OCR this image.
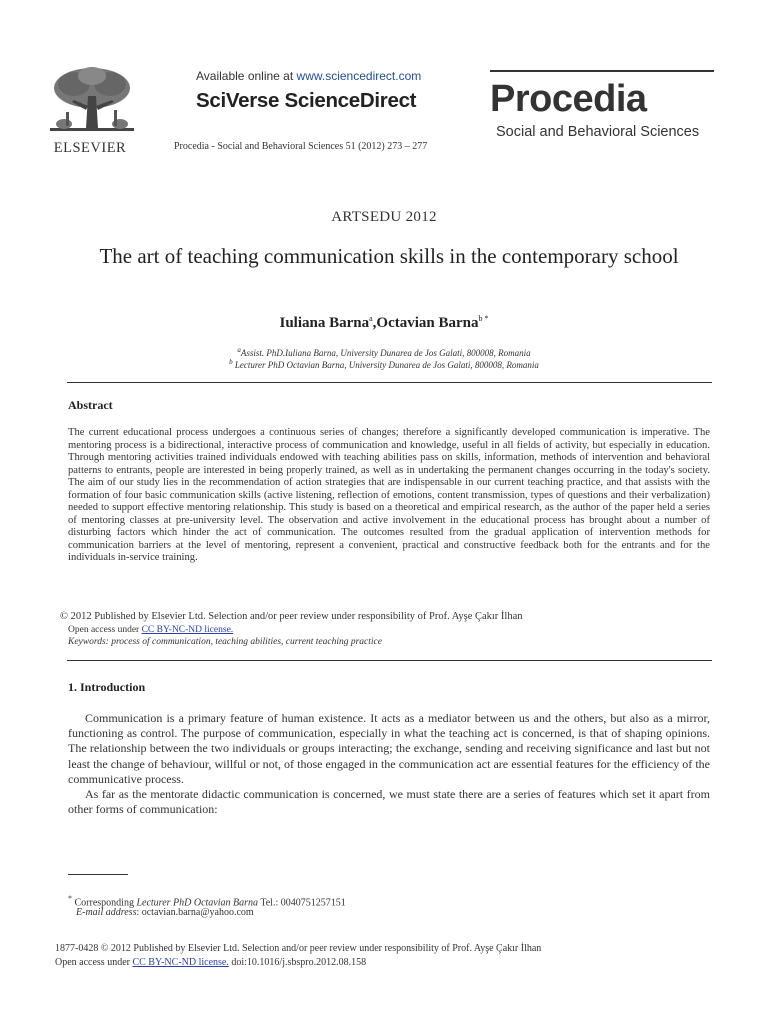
ELSEVIER
Available online at www.sciencedirect.com
SciVerse ScienceDirect
Procedia - Social and Behavioral Sciences 51 (2012) 273 – 277
Procedia
Social and Behavioral Sciences
ARTSEDU 2012
The art of teaching communication skills in the contemporary school
Iuliana Barna$^a$,Octavian Barna$^{b *}$
$^a$Assist. PhD.Iuliana Barna, University Dunarea de Jos Galati, 800008, Romania
$^b$ Lecturer PhD Octavian Barna, University Dunarea de Jos Galati, 800008, Romania
Abstract
The current educational process undergoes a continuous series of changes; therefore a significantly developed communication is imperative. The mentoring process is a bidirectional, interactive process of communication and knowledge, useful in all fields of activity, but especially in education. Through mentoring activities trained individuals endowed with teaching abilities pass on skills, information, methods of intervention and behavioral patterns to entrants, people are interested in being properly trained, as well as in undertaking the permanent changes occurring in the today's society. The aim of our study lies in the recommendation of action strategies that are indispensable in our current teaching practice, and that assists with the formation of four basic communication skills (active listening, reflection of emotions, content transmission, types of questions and their verbalization) needed to support effective mentoring relationship. This study is based on a theoretical and empirical research, as the author of the paper held a series of mentoring classes at pre-university level. The observation and active involvement in the educational process has brought about a number of disturbing factors which hinder the act of communication. The outcomes resulted from the gradual application of intervention methods for communication barriers at the level of mentoring, represent a convenient, practical and constructive feedback both for the entrants and for the individuals in-service training.
© 2012 Published by Elsevier Ltd. Selection and/or peer review under responsibility of Prof. Ayşe Çakır İlhan
Open access under CC BY-NC-ND license.
Keywords: process of communication, teaching abilities, current teaching practice
1. Introduction

Communication is a primary feature of human existence. It acts as a mediator between us and the others, but also as a mirror, functioning as control. The purpose of communication, especially in what the teaching act is concerned, is that of shaping opinions. The relationship between the two individuals or groups interacting; the exchange, sending and receiving significance and last but not least the change of behaviour, willful or not, of those engaged in the communication act are essential features for the efficiency of the communicative process.

As far as the mentorate didactic communication is concerned, we must state there are a series of features which set it apart from other forms of communication:

* Corresponding Lecturer PhD Octavian Barna Tel.: 0040751257151
E-mail address: octavian.barna@yahoo.com
1877-0428 © 2012 Published by Elsevier Ltd. Selection and/or peer review under responsibility of Prof. Ayşe Çakır İlhan
Open access under CC BY-NC-ND license. doi:10.1016/j.sbspro.2012.08.158
